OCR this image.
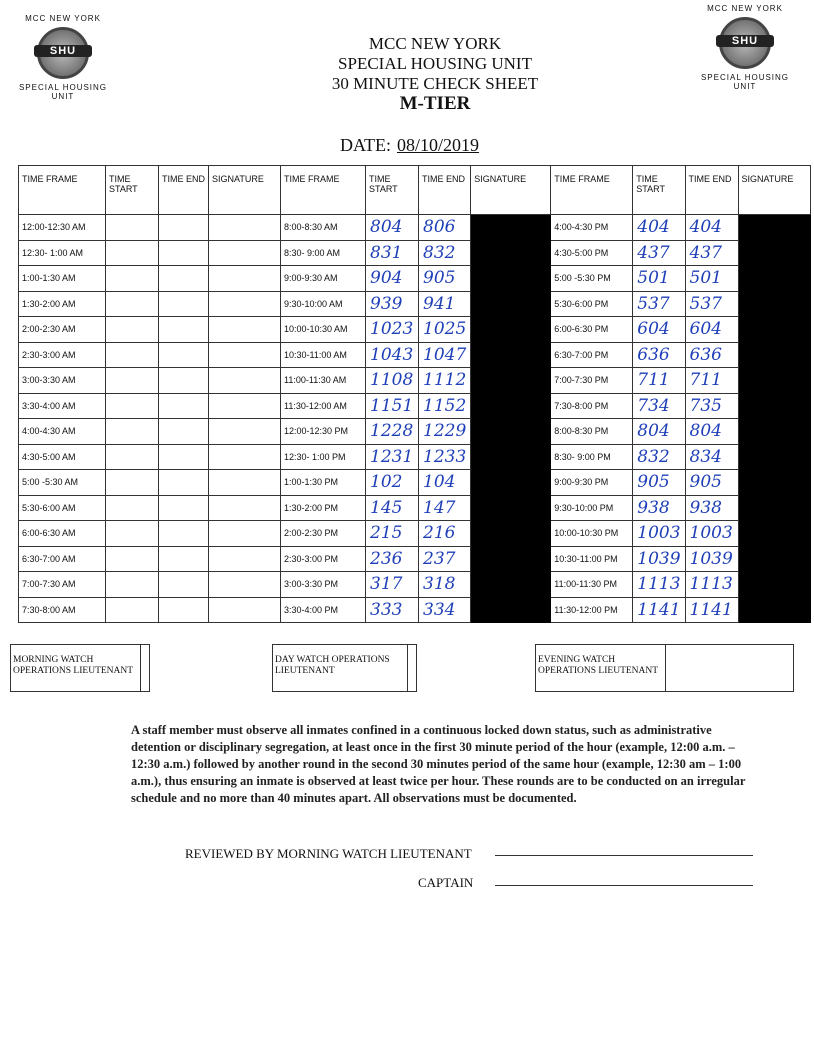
MCC NEW YORK
SHU
SPECIAL HOUSING UNIT
MCC NEW YORK
SHU
SPECIAL HOUSING UNIT
MCC NEW YORK
SPECIAL HOUSING UNIT
30 MINUTE CHECK SHEET
M-TIER
DATE: 08/10/2019
TIME FRAME	TIME START	TIME END	SIGNATURE	TIME FRAME	TIME START	TIME END	SIGNATURE	TIME FRAME	TIME START	TIME END	SIGNATURE
12:00-12:30 AM				8:00-8:30 AM	804	806		4:00-4:30 PM	404	404	
12:30- 1:00 AM				8:30- 9:00 AM	831	832		4:30-5:00 PM	437	437	
1:00-1:30 AM				9:00-9:30 AM	904	905		5:00 -5:30 PM	501	501	
1:30-2:00 AM				9:30-10:00 AM	939	941		5:30-6:00 PM	537	537	
2:00-2:30 AM				10:00-10:30 AM	1023	1025		6:00-6:30 PM	604	604	
2:30-3:00 AM				10:30-11:00 AM	1043	1047		6:30-7:00 PM	636	636	
3:00-3:30 AM				11:00-11:30 AM	1108	1112		7:00-7:30 PM	711	711	
3:30-4:00 AM				11:30-12:00 AM	1151	1152		7:30-8:00 PM	734	735	
4:00-4:30 AM				12:00-12:30 PM	1228	1229		8:00-8:30 PM	804	804	
4:30-5:00 AM				12:30- 1:00 PM	1231	1233		8:30- 9:00 PM	832	834	
5:00 -5:30 AM				1:00-1:30 PM	102	104		9:00-9:30 PM	905	905	
5:30-6:00 AM				1:30-2:00 PM	145	147		9:30-10:00 PM	938	938	
6:00-6:30 AM				2:00-2:30 PM	215	216		10:00-10:30 PM	1003	1003	
6:30-7:00 AM				2:30-3:00 PM	236	237		10:30-11:00 PM	1039	1039	
7:00-7:30 AM				3:00-3:30 PM	317	318		11:00-11:30 PM	1113	1113	
7:30-8:00 AM				3:30-4:00 PM	333	334		11:30-12:00 PM	1141	1141	
MORNING WATCH OPERATIONS LIEUTENANT
DAY WATCH OPERATIONS LIEUTENANT
EVENING WATCH OPERATIONS LIEUTENANT
A staff member must observe all inmates confined in a continuous locked down status, such as administrative detention or disciplinary segregation, at least once in the first 30 minute period of the hour (example, 12:00 a.m. – 12:30 a.m.) followed by another round in the second 30 minutes period of the same hour (example, 12:30 am – 1:00 a.m.), thus ensuring an inmate is observed at least twice per hour. These rounds are to be conducted on an irregular schedule and no more than 40 minutes apart. All observations must be documented.
REVIEWED BY MORNING WATCH LIEUTENANT
CAPTAIN
